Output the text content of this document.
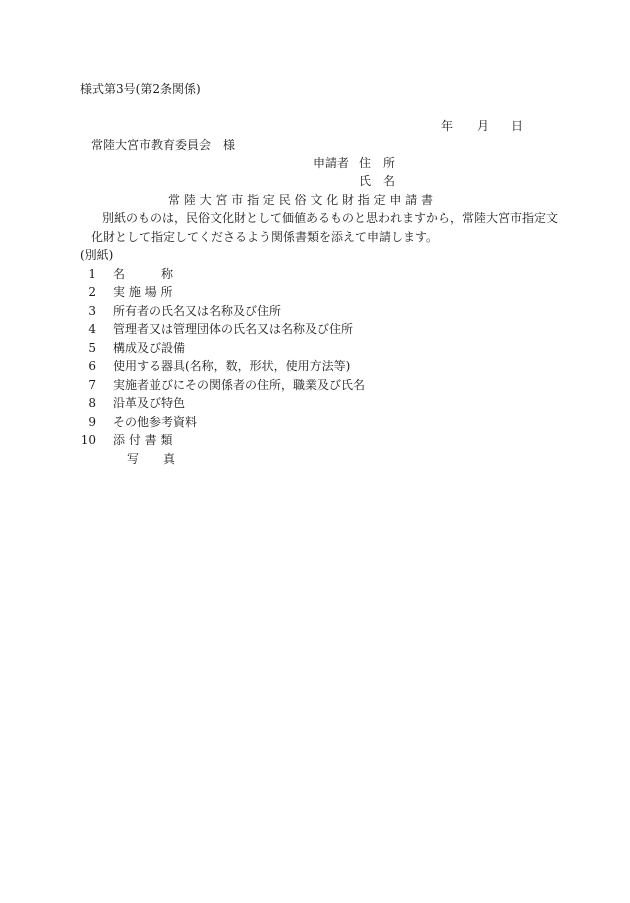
様式第3号(第2条関係)
年 月 日
常陸大宮市教育委員会　様
申請者 住　所
氏　名
常 陸 大 宮 市 指 定 民 俗 文 化 財 指 定 申 請 書
別紙のものは，民俗文化財として価値あるものと思われますから，常陸大宮市指定文
化財として指定してくださるよう関係書類を添えて申請します。
(別紙)
1 名　　　称
2 実 施 場 所
3 所有者の氏名又は名称及び住所
4 管理者又は管理団体の氏名又は名称及び住所
5 構成及び設備
6 使用する器具(名称，数，形状，使用方法等)
7 実施者並びにその関係者の住所，職業及び氏名
8 沿革及び特色
9 その他参考資料
10 添 付 書 類
写　　真
